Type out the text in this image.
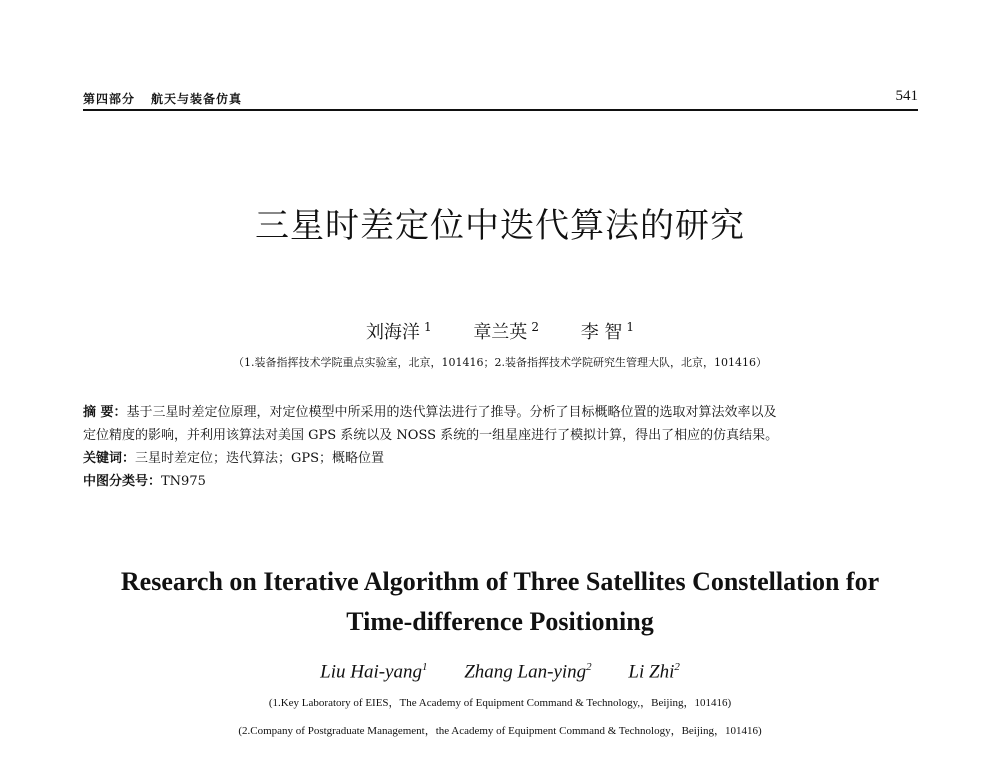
第四部分 航天与装备仿真	541
三星时差定位中迭代算法的研究
刘海洋 $^1$ 章兰英 $^2$ 李 智 $^1$
（1.装备指挥技术学院重点实验室，北京，101416；2.装备指挥技术学院研究生管理大队，北京，101416）
摘 要：基于三星时差定位原理，对定位模型中所采用的迭代算法进行了推导。分析了目标概略位置的选取对算法效率以及
定位精度的影响，并利用该算法对美国 GPS 系统以及 NOSS 系统的一组星座进行了模拟计算，得出了相应的仿真结果。
关键词：三星时差定位；迭代算法；GPS；概略位置
中图分类号：TN975
Research on Iterative Algorithm of Three Satellites Constellation for
Time-difference Positioning
Liu Hai-yang$^1$ Zhang Lan-ying$^2$ Li Zhi$^2$
(1.Key Laboratory of EIES，The Academy of Equipment Command & Technology,，Beijing，101416)
(2.Company of Postgraduate Management，the Academy of Equipment Command & Technology，Beijing，101416)
